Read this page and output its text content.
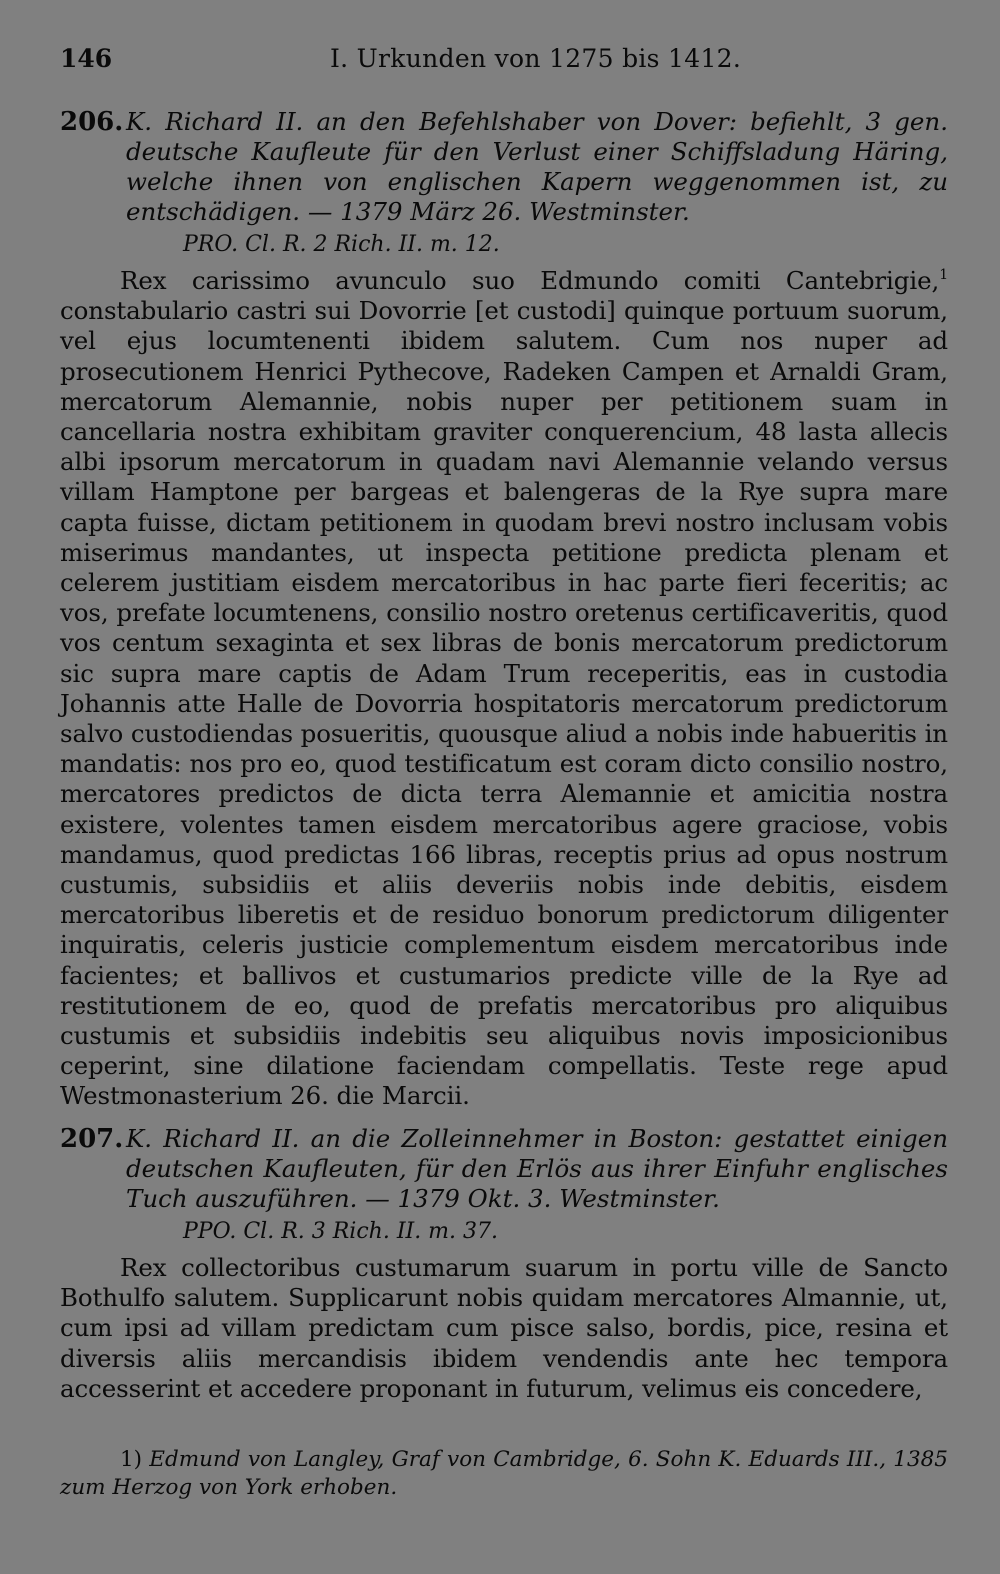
146	I. Urkunden von 1275 bis 1412.

206. K. Richard II. an den Befehlshaber von Dover: befiehlt, 3 gen. deutsche Kaufleute für den Verlust einer Schiffsladung Häring, welche ihnen von englischen Kapern weggenommen ist, zu entschädigen. — 1379 März 26. Westminster.

PRO. Cl. R. 2 Rich. II. m. 12.

Rex carissimo avunculo suo Edmundo comiti Cantebrigie,$^1$ constabulario castri sui Dovorrie [et custodi] quinque portuum suorum, vel ejus locumtenenti ibidem salutem. Cum nos nuper ad prosecutionem Henrici Pythecove, Radeken Campen et Arnaldi Gram, mercatorum Alemannie, nobis nuper per petitionem suam in cancellaria nostra exhibitam graviter conquerencium, 48 lasta allecis albi ipsorum mercatorum in quadam navi Alemannie velando versus villam Hamptone per bargeas et balengeras de la Rye supra mare capta fuisse, dictam petitionem in quodam brevi nostro inclusam vobis miserimus mandantes, ut inspecta petitione predicta plenam et celerem justitiam eisdem mercatoribus in hac parte fieri feceritis; ac vos, prefate locumtenens, consilio nostro oretenus certificaveritis, quod vos centum sexaginta et sex libras de bonis mercatorum predictorum sic supra mare captis de Adam Trum receperitis, eas in custodia Johannis atte Halle de Dovorria hospitatoris mercatorum predictorum salvo custodiendas posueritis, quousque aliud a nobis inde habueritis in mandatis: nos pro eo, quod testificatum est coram dicto consilio nostro, mercatores predictos de dicta terra Alemannie et amicitia nostra existere, volentes tamen eisdem mercatoribus agere graciose, vobis mandamus, quod predictas 166 libras, receptis prius ad opus nostrum custumis, subsidiis et aliis deveriis nobis inde debitis, eisdem mercatoribus liberetis et de residuo bonorum predictorum diligenter inquiratis, celeris justicie complementum eisdem mercatoribus inde facientes; et ballivos et custumarios predicte ville de la Rye ad restitutionem de eo, quod de prefatis mercatoribus pro aliquibus custumis et subsidiis indebitis seu aliquibus novis imposicionibus ceperint, sine dilatione faciendam compellatis. Teste rege apud Westmonasterium 26. die Marcii.

207. K. Richard II. an die Zolleinnehmer in Boston: gestattet einigen deutschen Kaufleuten, für den Erlös aus ihrer Einfuhr englisches Tuch auszuführen. — 1379 Okt. 3. Westminster.

PPO. Cl. R. 3 Rich. II. m. 37.

Rex collectoribus custumarum suarum in portu ville de Sancto Bothulfo salutem. Supplicarunt nobis quidam mercatores Almannie, ut, cum ipsi ad villam predictam cum pisce salso, bordis, pice, resina et diversis aliis mercandisis ibidem vendendis ante hec tempora accesserint et accedere proponant in futurum, velimus eis concedere,

1) Edmund von Langley, Graf von Cambridge, 6. Sohn K. Eduards III., 1385 zum Herzog von York erhoben.
